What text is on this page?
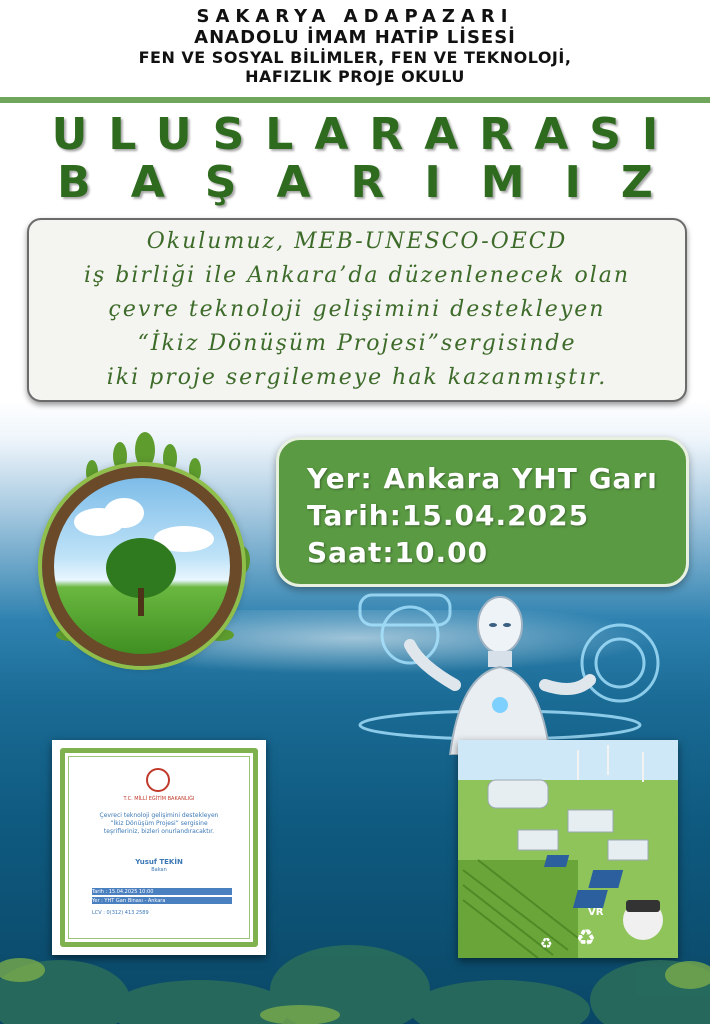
SAKARYA ADAPAZARI
ANADOLU İMAM HATİP LİSESİ
FEN VE SOSYAL BİLİMLER, FEN VE TEKNOLOJİ,
HAFIZLIK PROJE OKULU
ULUSLARARASI
BAŞARIMIZ
Okulumuz, MEB-UNESCO-OECD
iş birliği ile Ankara’da düzenlenecek olan
çevre teknoloji gelişimini destekleyen
“İkiz Dönüşüm Projesi”sergisinde
iki proje sergilemeye hak kazanmıştır.
Yer: Ankara YHT Garı
Tarih:15.04.2025
Saat:10.00
T.C. MİLLİ EĞİTİM BAKANLIĞI
Çevreci teknoloji gelişimini destekleyen
“İkiz Dönüşüm Projesi” sergisine
teşrifleriniz, bizleri onurlandıracaktır.
Yusuf TEKİN
Bakan
Tarih : 15.04.2025 10:00
Yer : YHT Garı Binası - Ankara
LCV : 0(312) 413 2589	VR
♻
♻
